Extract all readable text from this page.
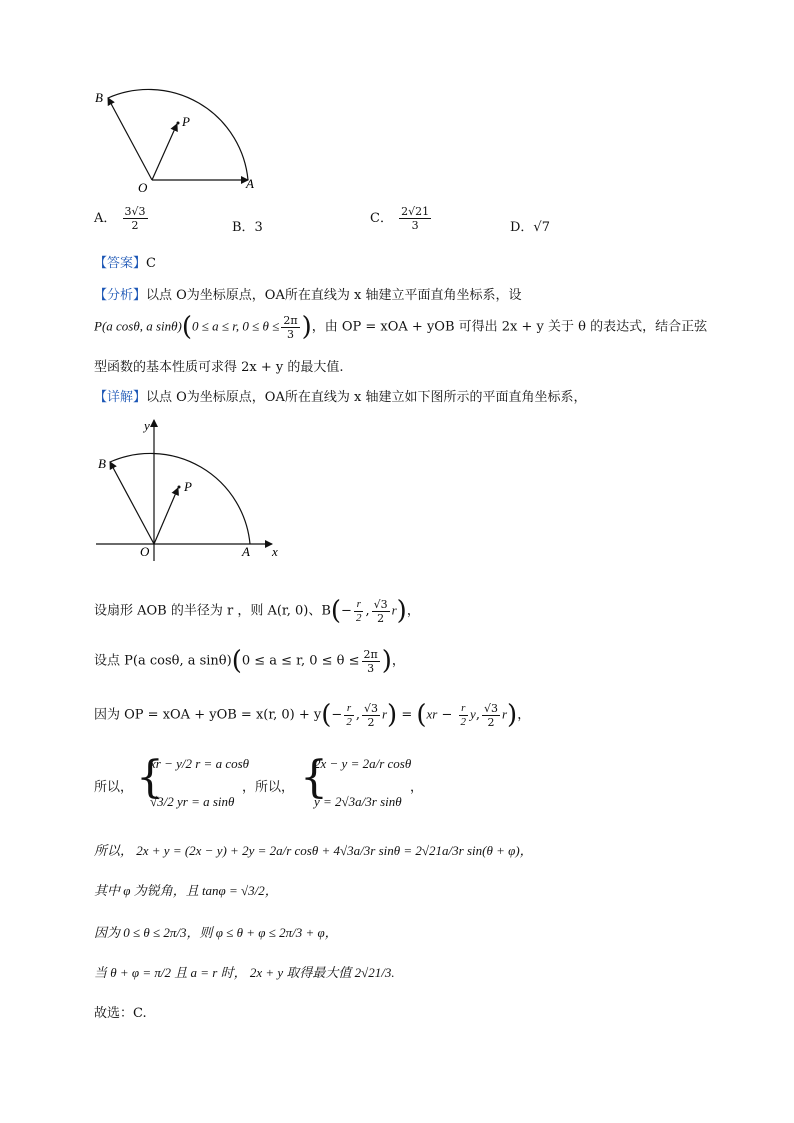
B
P
O	A
A． $\frac{3√3}{2}$	B．3
C． $\frac{2√21}{3}$	D．√7
【答案】C
【分析】以点 O为坐标原点，OA所在直线为 x 轴建立平面直角坐标系，设
P(a cosθ, a sinθ)(0 ≤ a ≤ r, $0 \le \theta \le \frac{2\pi}{3}$ )，由 OP = xOA + yOB 可得出 2x + y 关于 θ 的表达式，结合正弦
型函数的基本性质可求得 2x + y 的最大值.
【详解】以点 O为坐标原点，OA所在直线为 x 轴建立如下图所示的平面直角坐标系，
y
B
P
O	A x
设扇形 AOB 的半径为 r ，则 A(r, 0)、$B(- \frac{r}{2}$ , $\frac{√3}{2} r$)，
设点 P(a cosθ, a sinθ)(0 ≤ a ≤ r, $0 \le \theta \le \frac{2\pi}{3}$ )，
因为 OP = xOA + yOB = x(r, $0) + y(- \frac{r}{2}$ , $\frac{√3}{2} r) = (xr - \frac{r}{2} y$, $\frac{√3}{2} r$)，
所以， {
xr − y/2 r = a cosθ
√3/2 yr = a sinθ
，所以， {
2x − y = 2a/r cosθ
y = 2√3a/3r sinθ
，
所以， 2x + y = (2x − y) + 2y = 2a/r cosθ + 4√3a/3r sinθ = 2√21a/3r sin(θ + φ)，
其中 φ 为锐角，且 tanφ = √3/2，
因为 0 ≤ θ ≤ 2π/3，则 φ ≤ θ + φ ≤ 2π/3 + φ，
当 θ + φ = π/2 且 a = r 时， 2x + y 取得最大值 2√21/3.
故选：C.
